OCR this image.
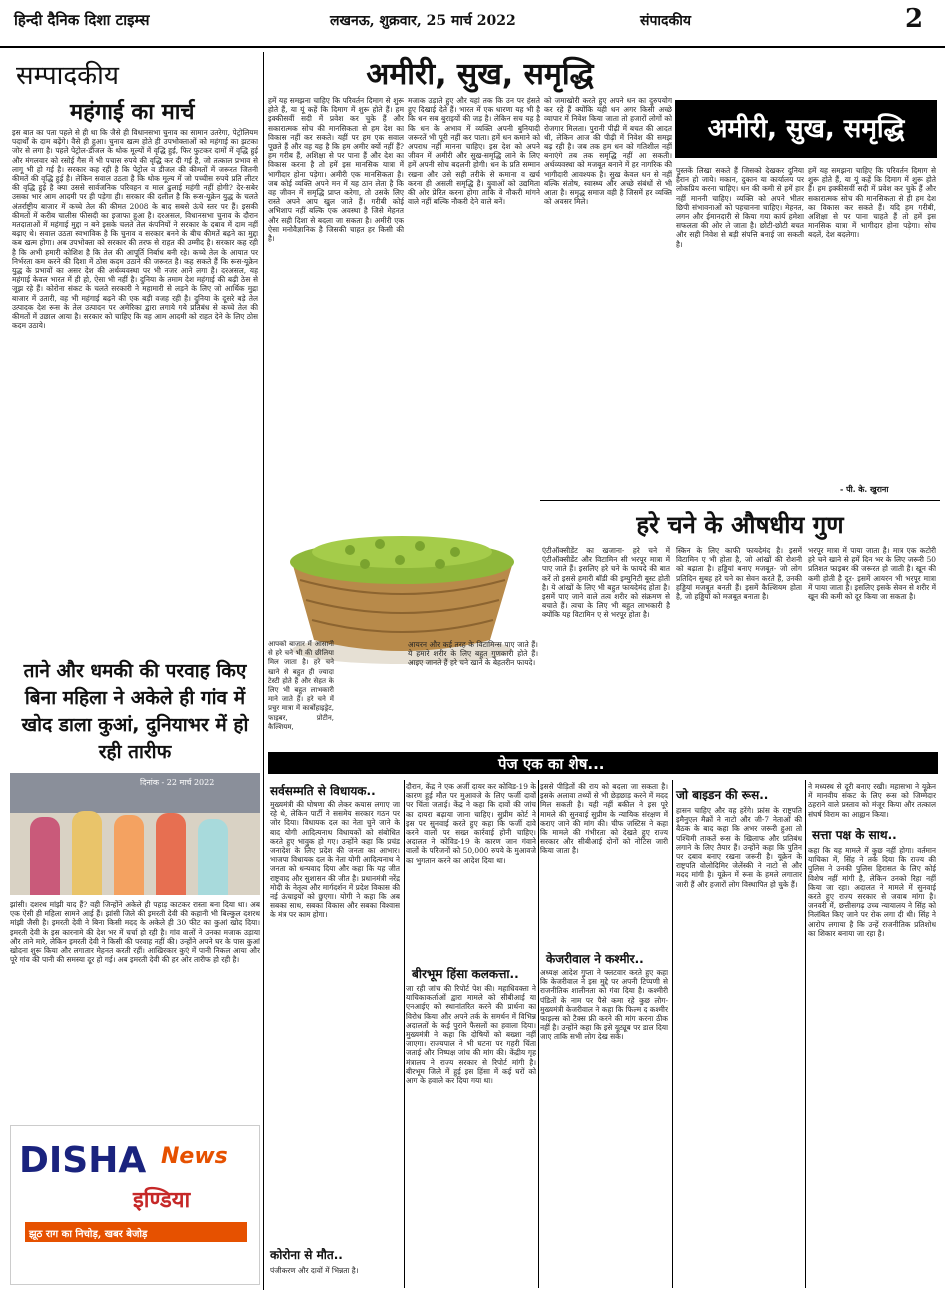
हिन्दी दैनिक दिशा टाइम्स	लखनऊ, शुक्रवार, 25 मार्च 2022	संपादकीय	2
सम्पादकीय
महंगाई का मार्च
इस बात का पता पहले से ही था कि जैसे ही विधानसभा चुनाव का सामान उतरेगा, पेट्रोलियम पदार्थों के दाम बढ़ेंगे। वैसे ही हुआ। चुनाव खत्म होते ही उपभोक्ताओं को महंगाई का झटका जोर से लगा है। पहले पेट्रोल-डीजल के थोक मूल्यों में वृद्धि हुई, फिर फुटकर दामों में वृद्धि हुई और मंगलवार को रसोई गैस में भी पचास रुपये की वृद्धि कर दी गई है, जो तत्काल प्रभाव से लागू भी हो गई है। सरकार कह रही है कि पेट्रोल व डीजल की कीमतों में जरूरत जितनी कीमतें की वृद्धि हुई है। लेकिन सवाल उठता है कि थोक मूल्य में जो पच्चीस रुपये प्रति लीटर की वृद्धि हुई है क्या उससे सार्वजनिक परिवहन व माल ढुलाई महंगी नहीं होगी? देर-सबेर उसका भार आम आदमी पर ही पड़ेगा ही। सरकार की दलील है कि रूस-यूक्रेन युद्ध के चलते अंतर्राष्ट्रीय बाजार में कच्चे तेल की कीमत 2008 के बाद सबसे ऊंचे स्तर पर हैं। इसकी कीमतों में करीब चालीस फीसदी का इजाफा हुआ है। दरअसल, विधानसभा चुनाव के दौरान मतदाताओं में महंगाई मुद्दा न बने इसके चलते तेल कंपनियों ने सरकार के दबाव में दाम नहीं बढ़ाए थे। सवाल उठता स्वभाविक है कि चुनाव व सरकार बनने के बीच कीमतें बढ़ने का मुद्दा कब खत्म होगा। अब उपभोक्ता को सरकार की तरफ से राहत की उम्मीद है। सरकार कह रही है कि अभी हमारी कोशिश है कि तेल की आपूर्ति निर्बाध बनी रहे। कच्चे तेल के आयात पर निर्भरता कम करने की दिशा में ठोस कदम उठाने की जरूरत है। कह सकते हैं कि रूस-यूक्रेन युद्ध के प्रभावों का असर देश की अर्थव्यवस्था पर भी नजर आने लगा है। दरअसल, यह महंगाई केवल भारत में ही हो, ऐसा भी नहीं है। दुनिया के तमाम देश महंगाई की बढ़ी ठेस से जूझ रहे हैं। कोरोना संकट के चलते सरकारी ने महामारी से लड़ने के लिए जो आर्थिक मुद्रा बाजार में उतारी, वह भी महंगाई बढ़ने की एक बड़ी वजह रही है। दुनिया के दूसरे बड़े तेल उत्पादक देश रूस के तेल उत्पादन पर अमेरिका द्वारा लगाये गये प्रतिबंध से कच्चे तेल की कीमतों में उछाल आया है। सरकार को चाहिए कि वह आम आदमी को राहत देने के लिए ठोस कदम उठाये।
ताने और धमकी की परवाह किए बिना महिला ने अकेले ही गांव में खोद डाला कुआं, दुनियाभर में हो रही तारीफ
दिनांक - 22 मार्च 2022
झांसी। दशरथ मांझी याद हैं? वही जिन्होंने अकेले ही पहाड़ काटकर रास्ता बना दिया था। अब एक ऐसी ही महिला सामने आई हैं। झांसी जिले की इमरती देवी की कहानी भी बिल्कुल दशरथ मांझी जैसी है। इमरती देवी ने बिना किसी मदद के अकेले ही 30 फीट का कुआं खोद दिया। इमरती देवी के इस कारनामे की देश भर में चर्चा हो रही है। गांव वालों ने उनका मजाक उड़ाया और ताने मारे, लेकिन इमरती देवी ने किसी की परवाह नहीं की। उन्होंने अपने घर के पास कुआं खोदना शुरू किया और लगातार मेहनत करती रहीं। आखिरकार कुएं में पानी निकल आया और पूरे गांव की पानी की समस्या दूर हो गई। अब इमरती देवी की हर ओर तारीफ हो रही है।
DISHA News
इण्डिया
झूठ राग का निचोड़, खबर बेजोड़
अमीरी, सुख, समृद्धि
हमें यह समझना चाहिए कि परिवर्तन दिमाग से शुरू होते हैं, या यूं कहें कि दिमाग में शुरू होते हैं। हम इक्कीसवीं सदी में प्रवेश कर चुके हैं और सकारात्मक सोच की मानसिकता से हम देश का विकास नहीं कर सकते। यहीं पर हम एक सवाल पूछते हैं और वह यह है कि हम अमीर क्यों नहीं हैं? हम गरीब हैं, अशिक्षा से पर पाना हैं और देश का विकास करना है तो हमें इस मानसिक यात्रा में भागीदार होना पड़ेगा। अमीरी एक मानसिकता है। जब कोई व्यक्ति अपने मन में यह ठान लेता है कि वह जीवन में समृद्धि प्राप्त करेगा, तो उसके लिए रास्ते अपने आप खुल जाते हैं। गरीबी कोई अभिशाप नहीं बल्कि एक अवस्था है जिसे मेहनत और सही दिशा से बदला जा सकता है। अमीरी एक ऐसा मनोवैज्ञानिक है जिसकी चाहत हर किसी की है।
मजाक उड़ाते हुए और यहां तक कि उन पर हंसते हुए दिखाई देते हैं। भारत में एक धारणा यह भी है कि धन सब बुराइयों की जड़ है। लेकिन सच यह है कि धन के अभाव में व्यक्ति अपनी बुनियादी जरूरतें भी पूरी नहीं कर पाता। हमें धन कमाने को अपराध नहीं मानना चाहिए। इस देश को अपने जीवन में अमीरी और सुख-समृद्धि लाने के लिए हमें अपनी सोच बदलनी होगी। धन के प्रति सम्मान रखना और उसे सही तरीके से कमाना व खर्च करना ही असली समृद्धि है। युवाओं को उद्यमिता की ओर प्रेरित करना होगा ताकि वे नौकरी मांगने वाले नहीं बल्कि नौकरी देने वाले बनें।
को जमाखोरी करते हुए अपने धन का दुरुपयोग कर रहे हैं क्योंकि यही धन अगर किसी अच्छे व्यापार में निवेश किया जाता तो हजारों लोगों को रोजगार मिलता। पुरानी पीढ़ी में बचत की आदत थी, लेकिन आज की पीढ़ी में निवेश की समझ बढ़ रही है। जब तक हम धन को गतिशील नहीं बनाएंगे तब तक समृद्धि नहीं आ सकती। अर्थव्यवस्था को मजबूत बनाने में हर नागरिक की भागीदारी आवश्यक है। सुख केवल धन से नहीं बल्कि संतोष, स्वास्थ्य और अच्छे संबंधों से भी आता है। समृद्ध समाज वही है जिसमें हर व्यक्ति को अवसर मिले।
अमीरी, सुख, समृद्धि
पुस्तकें लिखा सकते हैं जिसको देखकर दुनिया हैरान हो जाये। मकान, दुकान या कार्यालय पर लोकप्रिय करना चाहिए। धन की कमी से हमें हार नहीं माननी चाहिए। व्यक्ति को अपने भीतर छिपी संभावनाओं को पहचानना चाहिए। मेहनत, लगन और ईमानदारी से किया गया कार्य हमेशा सफलता की ओर ले जाता है। छोटी-छोटी बचत और सही निवेश से बड़ी संपत्ति बनाई जा सकती है।
हमें यह समझना चाहिए कि परिवर्तन दिमाग से शुरू होते हैं, या यूं कहें कि दिमाग में शुरू होते हैं। हम इक्कीसवीं सदी में प्रवेश कर चुके हैं और सकारात्मक सोच की मानसिकता से ही हम देश का विकास कर सकते हैं। यदि हम गरीबी, अशिक्षा से पर पाना चाहते हैं तो हमें इस मानसिक यात्रा में भागीदार होना पड़ेगा। सोच बदलें, देश बदलेगा।
- पी. के. खुराना
हरे चने के औषधीय गुण
आपको बाजार में आसानी से हरे चने भी की छीलिया मिल जाता है। हरे चने खाने से बहुत ही ज्यादा टेस्टी होते हैं और सेहत के लिए भी बहुत लाभकारी माने जाते हैं। हरे चने में प्रचुर मात्रा में कार्बोहाइड्रेट, फाइबर, प्रोटीन, कैल्शियम,
आयरन और कई तरह के विटामिन्स पाए जाते हैं। ये हमारे शरीर के लिए बहुत गुणकारी होते हैं। आइए जानते हैं हरे चने खाने के बेहतरीन फायदे।
एंटीऑक्सीडेंट का खजाना- हरे चने में एंटीऑक्सीडेंट और विटामिन सी भरपूर मात्रा में पाए जाते हैं। इसलिए हरे चने के फायदे की बात करें तो इससे हमारी बॉडी की इम्युनिटी बूस्ट होती है। ये आंखों के लिए भी बहुत फायदेमंद होता है। इसमें पाए जाने वाले तत्व शरीर को संक्रमण से बचाते हैं। त्वचा के लिए भी बहुत लाभकारी है क्योंकि यह विटामिन ए से भरपूर होता है।
स्किन के लिए काफी फायदेमंद है। इसमें विटामिन ए भी होता है, जो आंखों की रोशनी को बढ़ाता है। हड्डियां बनाए मजबूत- जो लोग प्रतिदिन सुबह हरे चने का सेवन करते हैं, उनकी हड्डियां मजबूत बनती हैं। इसमें कैल्शियम होता है, जो हड्डियों को मजबूत बनाता है।
भरपूर मात्रा में पाया जाता है। मात्र एक कटोरी हरे चने खाने से हमें दिन भर के लिए जरूरी 50 प्रतिशत फाइबर की जरूरत हो जाती है। खून की कमी होती है दूर- इसमें आयरन भी भरपूर मात्रा में पाया जाता है। इसलिए इसके सेवन से शरीर में खून की कमी को दूर किया जा सकता है।
पेज एक का शेष...
सर्वसम्मति से विधायक..
मुख्यमंत्री की घोषणा की लेकर कयास लगाए जा रहे थे, लेकिन पार्टी ने ससमेय सरकार गठन पर जोर दिया। विधायक दल का नेता चुने जाने के बाद योगी आदित्यनाथ विधायकों को संबोधित करते हुए भावुक हो गए। उन्होंने कहा कि प्रचंड जनादेश के लिए प्रदेश की जनता का आभार। भाजपा विधायक दल के नेता योगी आदित्यनाथ ने जनता को धन्यवाद दिया और कहा कि यह जीत राष्ट्रवाद और सुशासन की जीत है। प्रधानमंत्री नरेंद्र मोदी के नेतृत्व और मार्गदर्शन में प्रदेश विकास की नई ऊंचाइयों को छुएगा। योगी ने कहा कि अब सबका साथ, सबका विकास और सबका विश्वास के मंत्र पर काम होगा।
कोरोना से मौत..
पंजीकरण और दावों में भिन्नता है।
दौरान, केंद्र ने एक अर्जी दायर कर कोविड-19 के कारण हुई मौत पर मुआवजे के लिए फर्जी दावों पर चिंता जताई। केंद्र ने कहा कि दावों की जांच का दायरा बढ़ाया जाना चाहिए। सुप्रीम कोर्ट ने इस पर सुनवाई करते हुए कहा कि फर्जी दावे करने वालों पर सख्त कार्रवाई होनी चाहिए। अदालत ने कोविड-19 के कारण जान गंवाने वालों के परिजनों को 50,000 रुपये के मुआवजे का भुगतान करने का आदेश दिया था।
बीरभूम हिंसा कलकत्ता..
जा रही जांच की रिपोर्ट पेश की। महाधिवक्ता ने याचिकाकर्ताओं द्वारा मामले को सीबीआई या एनआईए को स्थानांतरित करने की प्रार्थना का विरोध किया और अपने तर्क के समर्थन में विभिन्न अदालतों के कई पुराने फैसलों का हवाला दिया। मुख्यमंत्री ने कहा कि दोषियों को बख्शा नहीं जाएगा। राज्यपाल ने भी घटना पर गहरी चिंता जताई और निष्पक्ष जांच की मांग की। केंद्रीय गृह मंत्रालय ने राज्य सरकार से रिपोर्ट मांगी है। बीरभूम जिले में हुई इस हिंसा में कई घरों को आग के हवाले कर दिया गया था।
इससे पीड़ितों की राय को बदला जा सकता है। इसके अलावा तथ्यों से भी छेड़छाड़ करने में मदद मिल सकती है। यही नहीं बकील ने इस पूरे मामले की सुनवाई सुप्रीम के न्यायिक संरक्षण में कराए जाने की मांग की। चीफ जस्टिस ने कहा कि मामले की गंभीरता को देखते हुए राज्य सरकार और सीबीआई दोनों को नोटिस जारी किया जाता है।
केजरीवाल ने कश्मीर..
अध्यक्ष आदेश गुप्ता ने फ्लटवार करते हुए कहा कि केजरीवाल ने इस मुद्दे पर अपनी टिप्पणी से राजनीतिक शालीनता को गंवा दिया है। कश्मीरी पंडितों के नाम पर पैसे कमा रहे कुछ लोग- मुख्यमंत्री केजरीवाल ने कहा कि फिल्म द कश्मीर फाइल्स को टैक्स फ्री करने की मांग करना ठीक नहीं है। उन्होंने कहा कि इसे यूट्यूब पर डाल दिया जाए ताकि सभी लोग देख सकें।
जो बाइडन की रूस..
हासन चाहिए और वह हरेंगे। फ्रांस के राष्ट्रपति इमैनुएल मैक्रों ने नाटो और जी-7 नेताओं की बैठक के बाद कहा कि अभर जरूरी हुआ तो पश्चिमी ताकतें रूस के खिलाफ और प्रतिबंध लगाने के लिए तैयार हैं। उन्होंने कहा कि पुतिन पर दबाव बनाए रखना जरूरी है। यूक्रेन के राष्ट्रपति वोलोदिमिर जेलेंस्की ने नाटो से और मदद मांगी है। यूक्रेन में रूस के हमले लगातार जारी हैं और हजारों लोग विस्थापित हो चुके हैं।
ने मध्यस्थ से दूरी बनाए रखी। महासभा ने यूक्रेन में मानवीय संकट के लिए रूस को जिम्मेदार ठहराने वाले प्रस्ताव को मंजूर किया और तत्काल संघर्ष विराम का आह्वान किया।
सत्ता पक्ष के साथ..
कहा कि यह मामले में कुछ नहीं होगा। वर्तमान याचिका में, सिंह ने तर्क दिया कि राज्य की पुलिस ने उनकी पुलिस हिरासत के लिए कोई विशेष नहीं मांगी है, लेकिन उनको रिहा नहीं किया जा रहा। अदालत ने मामले में सुनवाई करते हुए राज्य सरकार से जवाब मांगा है। जनवरी में, छत्तीसगढ़ उच्च न्यायालय ने सिंह को निलंबित किए जाने पर रोक लगा दी थी। सिंह ने आरोप लगाया है कि उन्हें राजनीतिक प्रतिशोध का शिकार बनाया जा रहा है।
